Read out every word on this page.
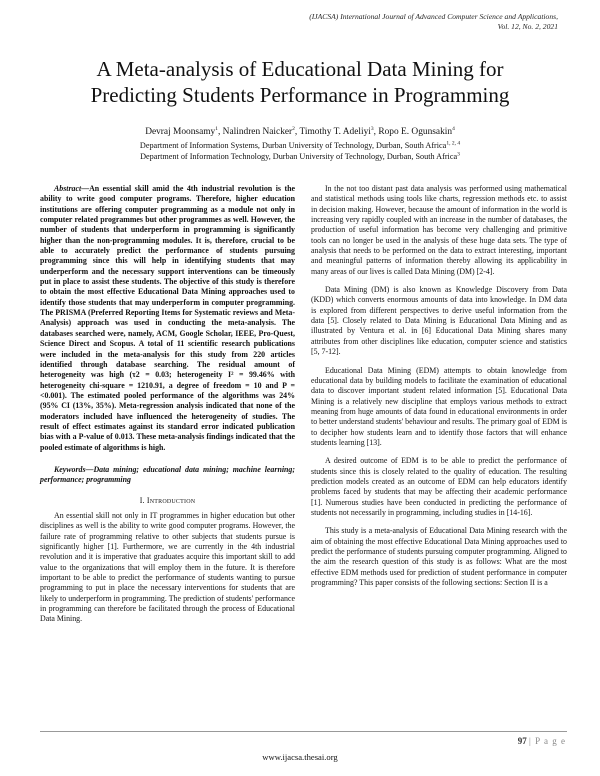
(IJACSA) International Journal of Advanced Computer Science and Applications,
Vol. 12, No. 2, 2021
A Meta-analysis of Educational Data Mining for
Predicting Students Performance in Programming
Devraj Moonsamy$^1$, Nalindren Naicker$^2$, Timothy T. Adeliyi$^3$, Ropo E. Ogunsakin$^4$
Department of Information Systems, Durban University of Technology, Durban, South Africa$^{1, 2, 4}$
Department of Information Technology, Durban University of Technology, Durban, South Africa$^3$

Abstract—An essential skill amid the 4th industrial revolution is the ability to write good computer programs. Therefore, higher education institutions are offering computer programming as a module not only in computer related programmes but other programmes as well. However, the number of students that underperform in programming is significantly higher than the non-programming modules. It is, therefore, crucial to be able to accurately predict the performance of students pursuing programming since this will help in identifying students that may underperform and the necessary support interventions can be timeously put in place to assist these students. The objective of this study is therefore to obtain the most effective Educational Data Mining approaches used to identify those students that may underperform in computer programming. The PRISMA (Preferred Reporting Items for Systematic reviews and Meta-Analysis) approach was used in conducting the meta-analysis. The databases searched were, namely, ACM, Google Scholar, IEEE, Pro-Quest, Science Direct and Scopus. A total of 11 scientific research publications were included in the meta-analysis for this study from 220 articles identified through database searching. The residual amount of heterogeneity was high (τ2 = 0.03; heterogeneity I² = 99.46% with heterogeneity chi-square = 1210.91, a degree of freedom = 10 and P = <0.001). The estimated pooled performance of the algorithms was 24% (95% CI (13%, 35%). Meta-regression analysis indicated that none of the moderators included have influenced the heterogeneity of studies. The result of effect estimates against its standard error indicated publication bias with a P-value of 0.013. These meta-analysis findings indicated that the pooled estimate of algorithms is high.

Keywords—Data mining; educational data mining; machine learning; performance; programming

I. Introduction

An essential skill not only in IT programmes in higher education but other disciplines as well is the ability to write good computer programs. However, the failure rate of programming relative to other subjects that students pursue is significantly higher [1]. Furthermore, we are currently in the 4th industrial revolution and it is imperative that graduates acquire this important skill to add value to the organizations that will employ them in the future. It is therefore important to be able to predict the performance of students wanting to pursue programming to put in place the necessary interventions for students that are likely to underperform in programming. The prediction of students' performance in programming can therefore be facilitated through the process of Educational Data Mining.

In the not too distant past data analysis was performed using mathematical and statistical methods using tools like charts, regression methods etc. to assist in decision making. However, because the amount of information in the world is increasing very rapidly coupled with an increase in the number of databases, the production of useful information has become very challenging and primitive tools can no longer be used in the analysis of these huge data sets. The type of analysis that needs to be performed on the data to extract interesting, important and meaningful patterns of information thereby allowing its applicability in many areas of our lives is called Data Mining (DM) [2-4].

Data Mining (DM) is also known as Knowledge Discovery from Data (KDD) which converts enormous amounts of data into knowledge. In DM data is explored from different perspectives to derive useful information from the data [5]. Closely related to Data Mining is Educational Data Mining and as illustrated by Ventura et al. in [6] Educational Data Mining shares many attributes from other disciplines like education, computer science and statistics [5, 7-12].

Educational Data Mining (EDM) attempts to obtain knowledge from educational data by building models to facilitate the examination of educational data to discover important student related information [5]. Educational Data Mining is a relatively new discipline that employs various methods to extract meaning from huge amounts of data found in educational environments in order to better understand students' behaviour and results. The primary goal of EDM is to decipher how students learn and to identify those factors that will enhance students learning [13].

A desired outcome of EDM is to be able to predict the performance of students since this is closely related to the quality of education. The resulting prediction models created as an outcome of EDM can help educators identify problems faced by students that may be affecting their academic performance [1]. Numerous studies have been conducted in predicting the performance of students not necessarily in programming, including studies in [14-16].

This study is a meta-analysis of Educational Data Mining research with the aim of obtaining the most effective Educational Data Mining approaches used to predict the performance of students pursuing computer programming. Aligned to the aim the research question of this study is as follows: What are the most effective EDM methods used for prediction of student performance in computer programming? This paper consists of the following sections: Section II is a

97 | P a g e
www.ijacsa.thesai.org
